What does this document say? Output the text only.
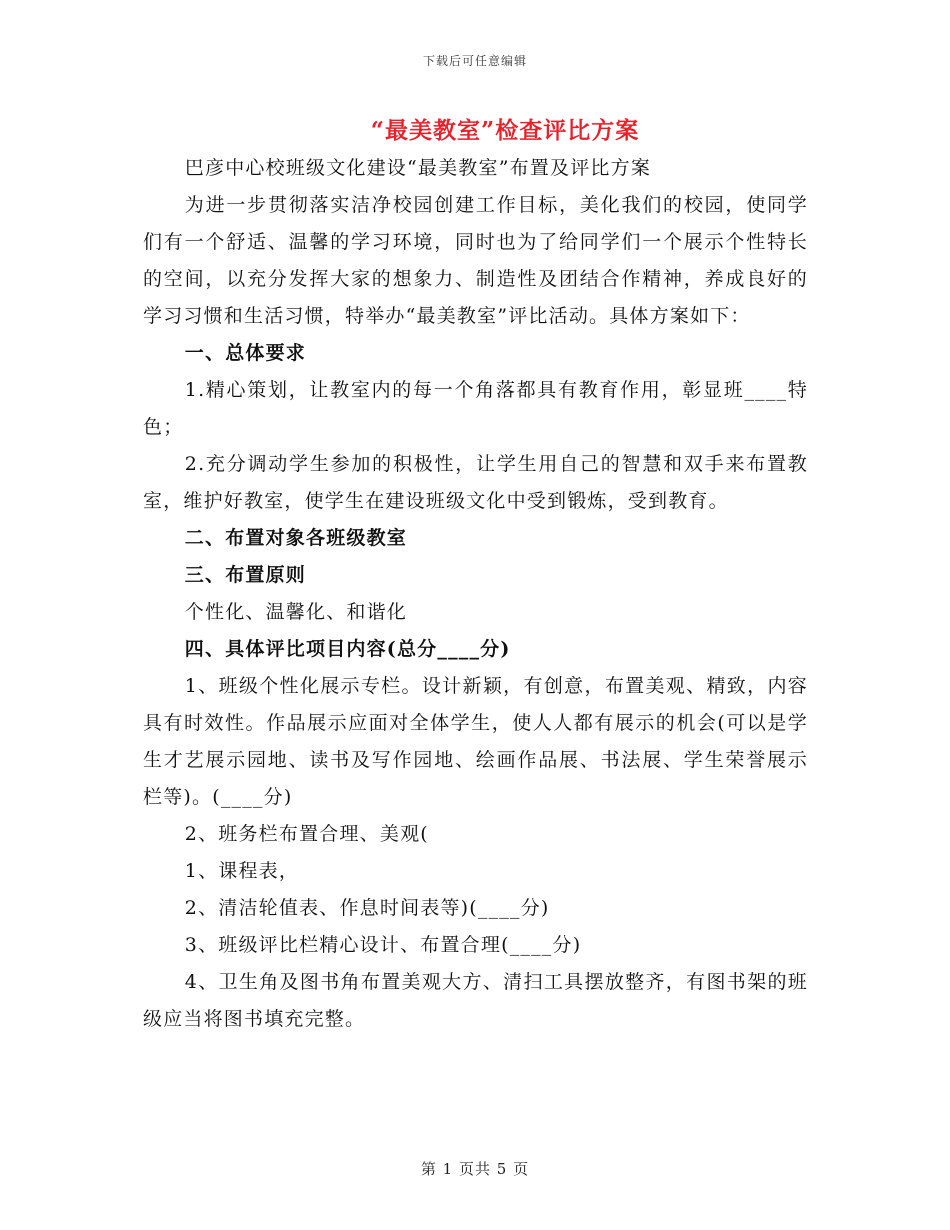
下载后可任意编辑
“最美教室”检查评比方案

巴彦中心校班级文化建设“最美教室”布置及评比方案

为进一步贯彻落实洁净校园创建工作目标，美化我们的校园，使同学们有一个舒适、温馨的学习环境，同时也为了给同学们一个展示个性特长的空间，以充分发挥大家的想象力、制造性及团结合作精神，养成良好的学习习惯和生活习惯，特举办“最美教室”评比活动。具体方案如下：

一、总体要求

1.精心策划，让教室内的每一个角落都具有教育作用，彰显班____特色；

2.充分调动学生参加的积极性，让学生用自己的智慧和双手来布置教室，维护好教室，使学生在建设班级文化中受到锻炼，受到教育。

二、布置对象各班级教室

三、布置原则

个性化、温馨化、和谐化

四、具体评比项目内容(总分____分)

1、班级个性化展示专栏。设计新颖，有创意，布置美观、精致，内容具有时效性。作品展示应面对全体学生，使人人都有展示的机会(可以是学生才艺展示园地、读书及写作园地、绘画作品展、书法展、学生荣誉展示栏等)。(____分)

2、班务栏布置合理、美观(

1、课程表，

2、清洁轮值表、作息时间表等)(____分)

3、班级评比栏精心设计、布置合理(____分)

4、卫生角及图书角布置美观大方、清扫工具摆放整齐，有图书架的班级应当将图书填充完整。

第 1 页共 5 页
